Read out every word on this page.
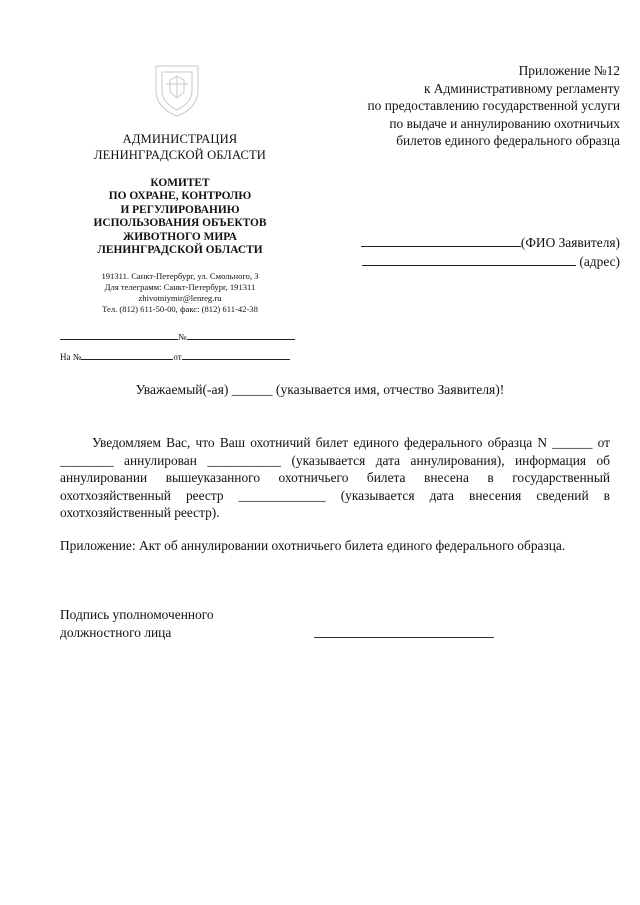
Приложение №12
к Административному регламенту
по предоставлению государственной услуги
по выдаче и аннулированию охотничьих
билетов единого федерального образца
АДМИНИСТРАЦИЯ
ЛЕНИНГРАДСКОЙ ОБЛАСТИ
КОМИТЕТ
ПО ОХРАНЕ, КОНТРОЛЮ
И РЕГУЛИРОВАНИЮ
ИСПОЛЬЗОВАНИЯ ОБЪЕКТОВ
ЖИВОТНОГО МИРА
ЛЕНИНГРАДСКОЙ ОБЛАСТИ
191311. Санкт-Петербург, ул. Смольного, 3
Для телеграмм: Санкт-Петербург, 191311
zhivotniymir@lenreg.ru
Тел. (812) 611-50-00, факс: (812) 611-42-38
№
На №	от
(ФИО Заявителя)
(адрес)
Уважаемый(-ая) ______ (указывается имя, отчество Заявителя)!
Уведомляем Вас, что Ваш охотничий билет единого федерального образца N ______ от ________ аннулирован ___________ (указывается дата аннулирования), информация об аннулировании вышеуказанного охотничьего билета внесена в государственный охотхозяйственный реестр _____________ (указывается дата внесения сведений в охотхозяйственный реестр).
Приложение: Акт об аннулировании охотничьего билета единого федерального образца.
Подпись уполномоченного
должностного лица
